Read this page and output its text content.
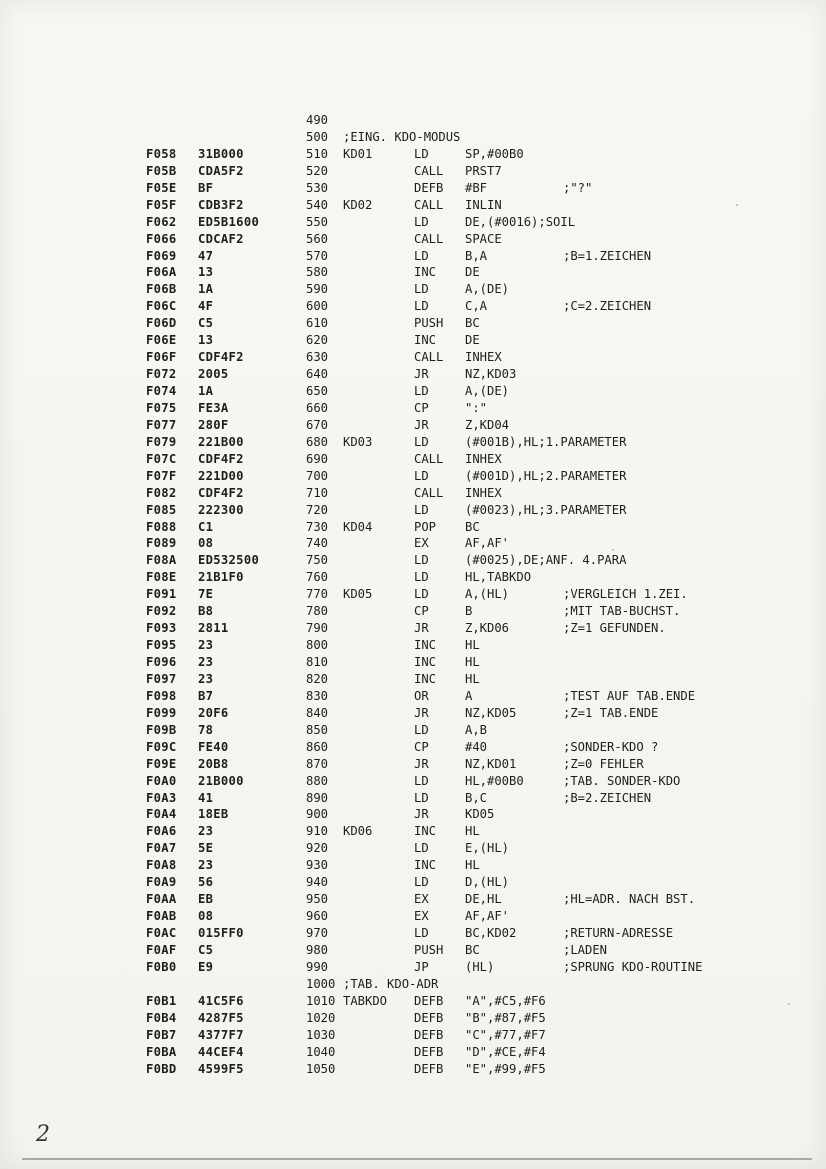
490
500 ;EING. KDO-MODUS
F058 31B000	510 KD01	LD	SP,#00B0
F05B CDA5F2	520	CALL PRST7
F05E BF	530	DEFB #BF	;"?"
F05F CDB3F2	540 KD02	CALL INLIN
F062 ED5B1600	550	LD	DE,(#0016);SOIL
F066 CDCAF2	560	CALL SPACE
F069 47	570	LD	B,A	;B=1.ZEICHEN
F06A 13	580	INC DE
F06B 1A	590	LD	A,(DE)
F06C 4F	600	LD	C,A	;C=2.ZEICHEN
F06D C5	610	PUSH BC
F06E 13	620	INC DE
F06F CDF4F2	630	CALL INHEX
F072 2005	640	JR	NZ,KD03
F074 1A	650	LD	A,(DE)
F075 FE3A	660	CP	":"
F077 280F	670	JR	Z,KD04
F079 221B00	680 KD03	LD	(#001B),HL;1.PARAMETER
F07C CDF4F2	690	CALL INHEX
F07F 221D00	700	LD	(#001D),HL;2.PARAMETER
F082 CDF4F2	710	CALL INHEX
F085 222300	720	LD	(#0023),HL;3.PARAMETER
F088 C1	730 KD04	POP BC
F089 08	740	EX	AF,AF'
F08A ED532500	750	LD	(#0025),DE;ANF. 4.PARA
F08E 21B1F0	760	LD	HL,TABKDO
F091 7E	770 KD05	LD	A,(HL)	;VERGLEICH 1.ZEI.
F092 B8	780	CP	B	;MIT TAB-BUCHST.
F093 2811	790	JR	Z,KD06	;Z=1 GEFUNDEN.
F095 23	800	INC HL
F096 23	810	INC HL
F097 23	820	INC HL
F098 B7	830	OR	A	;TEST AUF TAB.ENDE
F099 20F6	840	JR	NZ,KD05	;Z=1 TAB.ENDE
F09B 78	850	LD	A,B
F09C FE40	860	CP	#40	;SONDER-KDO ?
F09E 20B8	870	JR	NZ,KD01	;Z=0 FEHLER
F0A0 21B000	880	LD	HL,#00B0	;TAB. SONDER-KDO
F0A3 41	890	LD	B,C	;B=2.ZEICHEN
F0A4 18EB	900	JR	KD05
F0A6 23	910 KD06	INC HL
F0A7 5E	920	LD	E,(HL)
F0A8 23	930	INC HL
F0A9 56	940	LD	D,(HL)
F0AA EB	950	EX	DE,HL	;HL=ADR. NACH BST.
F0AB 08	960	EX	AF,AF'
F0AC 015FF0	970	LD	BC,KD02	;RETURN-ADRESSE
F0AF C5	980	PUSH BC	;LADEN
F0B0 E9	990	JP	(HL)	;SPRUNG KDO-ROUTINE
1000 ;TAB. KDO-ADR
F0B1 41C5F6	1010 TABKDO DEFB "A",#C5,#F6
F0B4 4287F5	1020	DEFB "B",#87,#F5
F0B7 4377F7	1030	DEFB "C",#77,#F7
F0BA 44CEF4	1040	DEFB "D",#CE,#F4
F0BD 4599F5	1050	DEFB "E",#99,#F5
2
